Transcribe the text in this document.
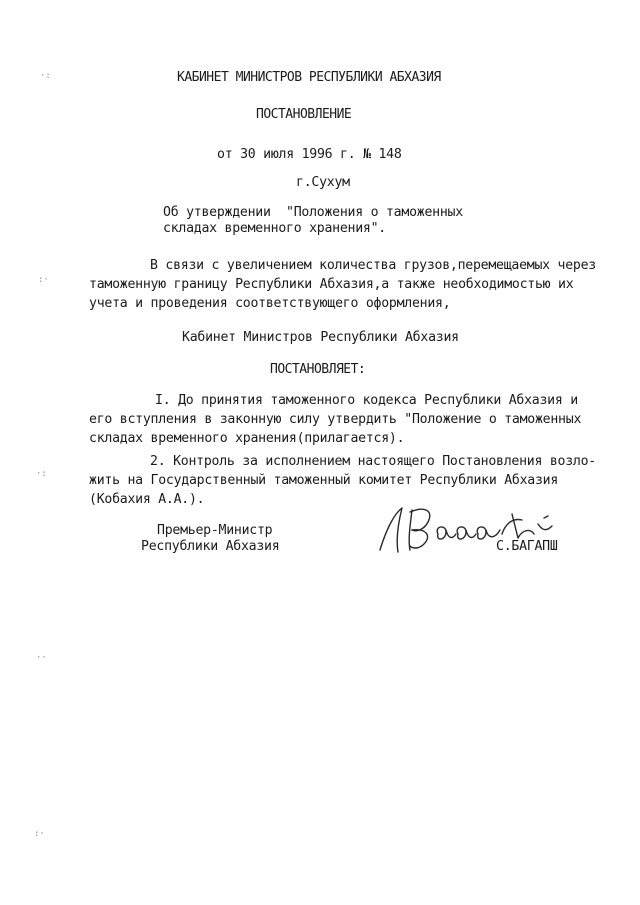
КАБИНЕТ МИНИСТРОВ РЕСПУБЛИКИ АБХАЗИЯ
ПОСТАНОВЛЕНИЕ
от 30 июля 1996 г. № 148
г.Сухум
Об утверждении  "Положения о таможенных
складах временного хранения".
В связи с увеличением количества грузов,перемещаемых через
таможенную границу Республики Абхазия,а также необходимостью их
учета и проведения соответствующего оформления,
Кабинет Министров Республики Абхазия
ПОСТАНОВЛЯЕТ:
I. До принятия таможенного кодекса Республики Абхазия и
его вступления в законную силу утвердить "Положение о таможенных
складах временного хранения(прилагается).
2. Контроль за исполнением настоящего Постановления возло-
жить на Государственный таможенный комитет Республики Абхазия
(Кобахия А.А.).
Премьер-Министр
Республики Абхазия	С.БАГАПШ
·:
:·
·:
··
:·
